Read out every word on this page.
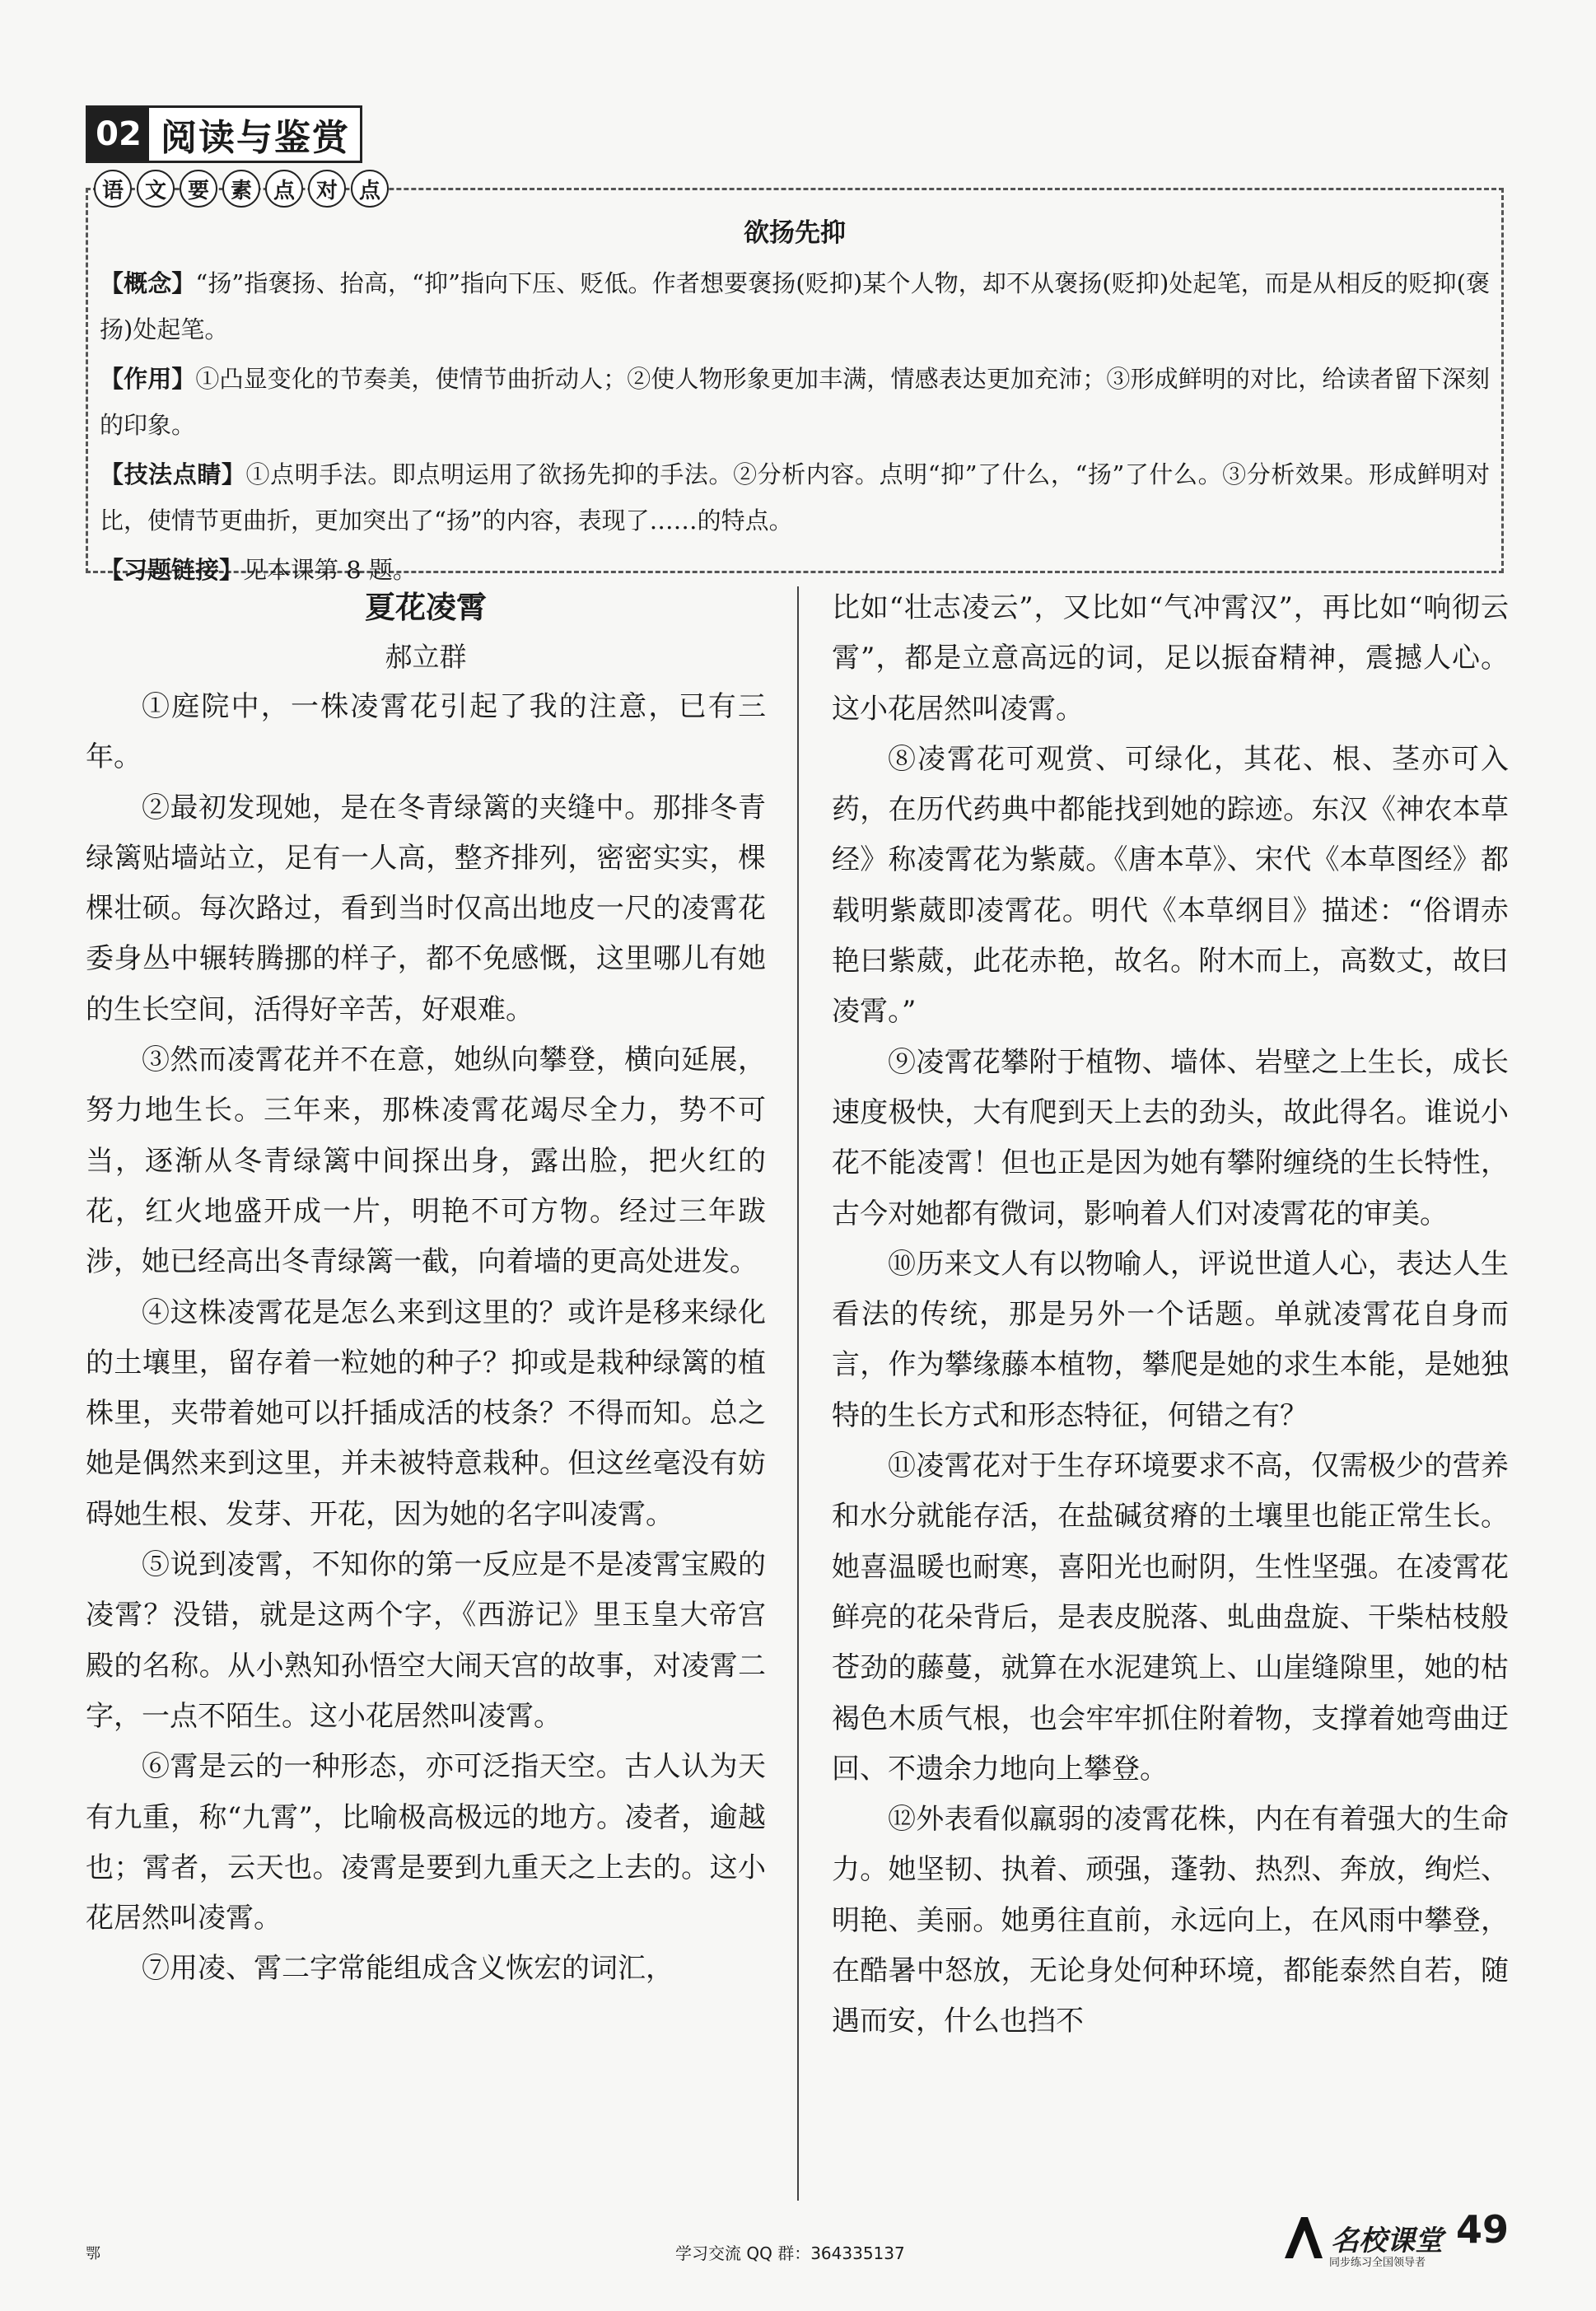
02 阅读与鉴赏
欲扬先抑

【概念】“扬”指褒扬、抬高，“抑”指向下压、贬低。作者想要褒扬(贬抑)某个人物，却不从褒扬(贬抑)处起笔，而是从相反的贬抑(褒扬)处起笔。

【作用】①凸显变化的节奏美，使情节曲折动人；②使人物形象更加丰满，情感表达更加充沛；③形成鲜明的对比，给读者留下深刻的印象。

【技法点睛】①点明手法。即点明运用了欲扬先抑的手法。②分析内容。点明“抑”了什么，“扬”了什么。③分析效果。形成鲜明对比，使情节更曲折，更加突出了“扬”的内容，表现了……的特点。

【习题链接】见本课第 8 题。

语 文 要 素 点 对 点
夏花凌霄
郝立群

①庭院中，一株凌霄花引起了我的注意，已有三年。

②最初发现她，是在冬青绿篱的夹缝中。那排冬青绿篱贴墙站立，足有一人高，整齐排列，密密实实，棵棵壮硕。每次路过，看到当时仅高出地皮一尺的凌霄花委身丛中辗转腾挪的样子，都不免感慨，这里哪儿有她的生长空间，活得好辛苦，好艰难。

③然而凌霄花并不在意，她纵向攀登，横向延展，努力地生长。三年来，那株凌霄花竭尽全力，势不可当，逐渐从冬青绿篱中间探出身，露出脸，把火红的花，红火地盛开成一片，明艳不可方物。经过三年跋涉，她已经高出冬青绿篱一截，向着墙的更高处进发。

④这株凌霄花是怎么来到这里的？或许是移来绿化的土壤里，留存着一粒她的种子？抑或是栽种绿篱的植株里，夹带着她可以扦插成活的枝条？不得而知。总之她是偶然来到这里，并未被特意栽种。但这丝毫没有妨碍她生根、发芽、开花，因为她的名字叫凌霄。

⑤说到凌霄，不知你的第一反应是不是凌霄宝殿的凌霄？没错，就是这两个字，《西游记》里玉皇大帝宫殿的名称。从小熟知孙悟空大闹天宫的故事，对凌霄二字，一点不陌生。这小花居然叫凌霄。

⑥霄是云的一种形态，亦可泛指天空。古人认为天有九重，称“九霄”，比喻极高极远的地方。凌者，逾越也；霄者，云天也。凌霄是要到九重天之上去的。这小花居然叫凌霄。

⑦用凌、霄二字常能组成含义恢宏的词汇，

比如“壮志凌云”，又比如“气冲霄汉”，再比如“响彻云霄”，都是立意高远的词，足以振奋精神，震撼人心。这小花居然叫凌霄。

⑧凌霄花可观赏、可绿化，其花、根、茎亦可入药，在历代药典中都能找到她的踪迹。东汉《神农本草经》称凌霄花为紫葳。《唐本草》、宋代《本草图经》都载明紫葳即凌霄花。明代《本草纲目》描述：“俗谓赤艳曰紫葳，此花赤艳，故名。附木而上，高数丈，故曰凌霄。”

⑨凌霄花攀附于植物、墙体、岩壁之上生长，成长速度极快，大有爬到天上去的劲头，故此得名。谁说小花不能凌霄！但也正是因为她有攀附缠绕的生长特性，古今对她都有微词，影响着人们对凌霄花的审美。

⑩历来文人有以物喻人，评说世道人心，表达人生看法的传统，那是另外一个话题。单就凌霄花自身而言，作为攀缘藤本植物，攀爬是她的求生本能，是她独特的生长方式和形态特征，何错之有？

⑪凌霄花对于生存环境要求不高，仅需极少的营养和水分就能存活，在盐碱贫瘠的土壤里也能正常生长。她喜温暖也耐寒，喜阳光也耐阴，生性坚强。在凌霄花鲜亮的花朵背后，是表皮脱落、虬曲盘旋、干柴枯枝般苍劲的藤蔓，就算在水泥建筑上、山崖缝隙里，她的枯褐色木质气根，也会牢牢抓住附着物，支撑着她弯曲迂回、不遗余力地向上攀登。

⑫外表看似羸弱的凌霄花株，内在有着强大的生命力。她坚韧、执着、顽强，蓬勃、热烈、奔放，绚烂、明艳、美丽。她勇往直前，永远向上，在风雨中攀登，在酷暑中怒放，无论身处何种环境，都能泰然自若，随遇而安，什么也挡不

鄂	学习交流 QQ 群：364335137	名校课堂
同步练习全国领导者
49
